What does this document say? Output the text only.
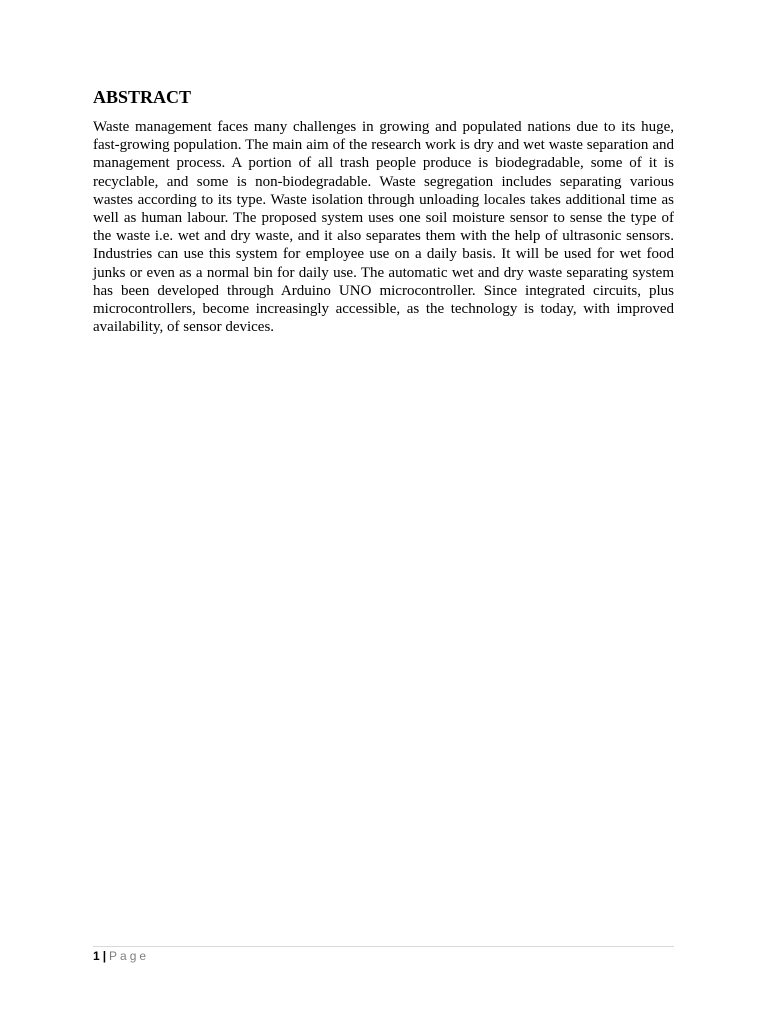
ABSTRACT

Waste management faces many challenges in growing and populated nations due to its huge, fast-growing population. The main aim of the research work is dry and wet waste separation and management process. A portion of all trash people produce is biodegradable, some of it is recyclable, and some is non-biodegradable. Waste segregation includes separating various wastes according to its type. Waste isolation through unloading locales takes additional time as well as human labour. The proposed system uses one soil moisture sensor to sense the type of the waste i.e. wet and dry waste, and it also separates them with the help of ultrasonic sensors. Industries can use this system for employee use on a daily basis. It will be used for wet food junks or even as a normal bin for daily use. The automatic wet and dry waste separating system has been developed through Arduino UNO microcontroller. Since integrated circuits, plus microcontrollers, become increasingly accessible, as the technology is today, with improved availability, of sensor devices.

1 | Page
